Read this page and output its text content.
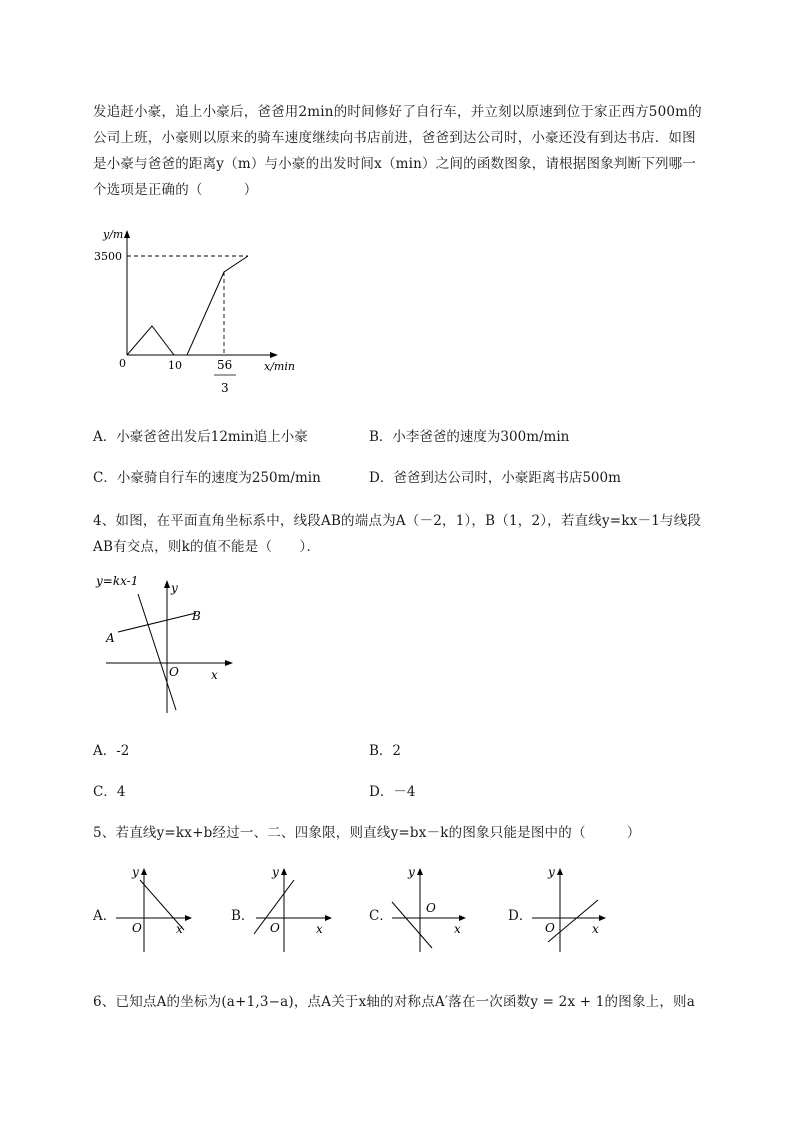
发追赶小豪，追上小豪后，爸爸用2min的时间修好了自行车，并立刻以原速到位于家正西方500m的
公司上班，小豪则以原来的骑车速度继续向书店前进，爸爸到达公司时，小豪还没有到达书店．如图
是小豪与爸爸的距离y（m）与小豪的出发时间x（min）之间的函数图象，请根据图象判断下列哪一
个选项是正确的（　　　）
y/m
3500
0	10	56
3
x/min
A．小豪爸爸出发后12min追上小豪	B．小李爸爸的速度为300m/min
C．小豪骑自行车的速度为250m/min	D．爸爸到达公司时，小豪距离书店500m
4、如图，在平面直角坐标系中，线段AB的端点为A（－2，1），B（1，2），若直线y=kx－1与线段
AB有交点，则k的值不能是（　　）．
y=kx-1	y
B
A
O	x
A．-2	B．2
C．4	D．－4
5、若直线y=kx+b经过一、二、四象限，则直线y=bx－k的图象只能是图中的（　　　）
A．
y
O	x
B．
y
O	x
C．
y
O
x
D．
y
O	x
6、已知点A的坐标为(a+1,3−a)，点A关于x轴的对称点A′落在一次函数y = 2x + 1的图象上，则a
